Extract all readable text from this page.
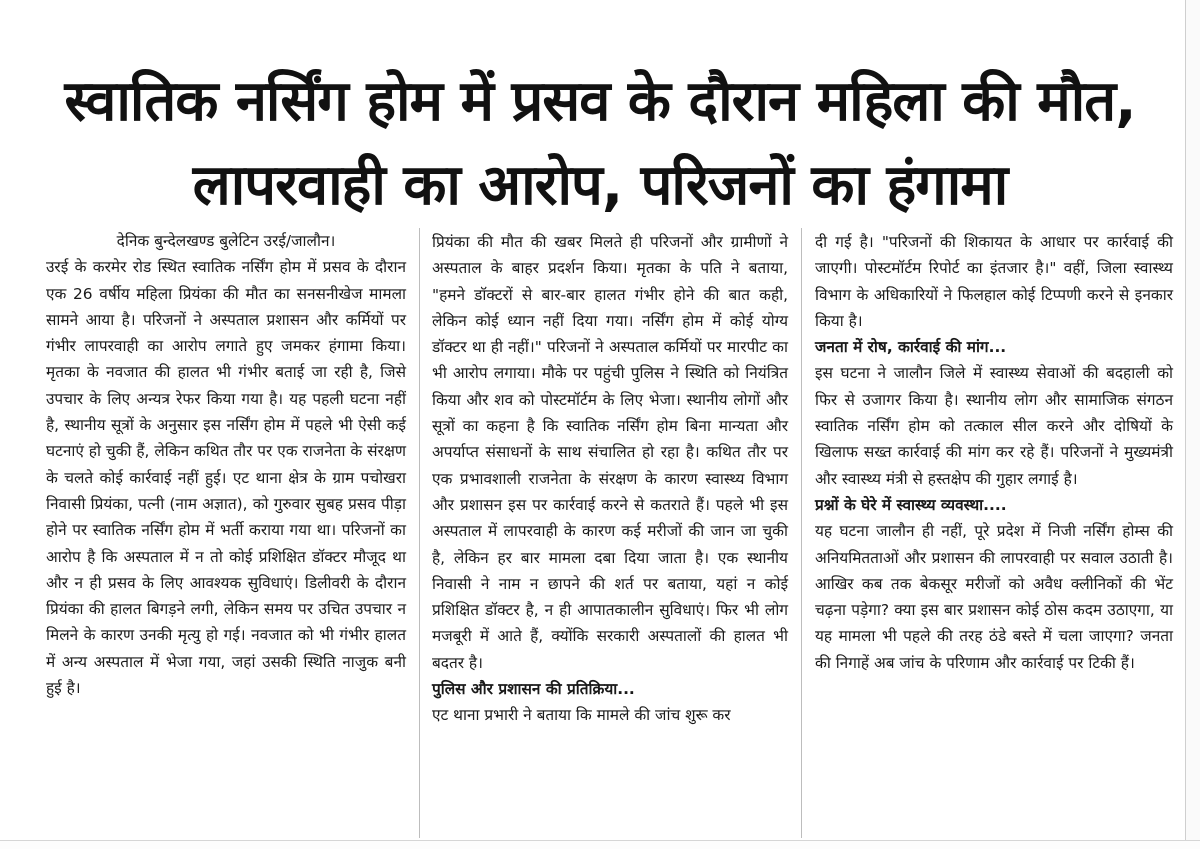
स्वातिक नर्सिंग होम में प्रसव के दौरान महिला की मौत, लापरवाही का आरोप, परिजनों का हंगामा
देनिक बुन्देलखण्ड बुलेटिन उरई/जालौन।

उरई के करमेर रोड स्थित स्वातिक नर्सिंग होम में प्रसव के दौरान एक 26 वर्षीय महिला प्रियंका की मौत का सनसनीखेज मामला सामने आया है। परिजनों ने अस्पताल प्रशासन और कर्मियों पर गंभीर लापरवाही का आरोप लगाते हुए जमकर हंगामा किया। मृतका के नवजात की हालत भी गंभीर बताई जा रही है, जिसे उपचार के लिए अन्यत्र रेफर किया गया है। यह पहली घटना नहीं है, स्थानीय सूत्रों के अनुसार इस नर्सिंग होम में पहले भी ऐसी कई घटनाएं हो चुकी हैं, लेकिन कथित तौर पर एक राजनेता के संरक्षण के चलते कोई कार्रवाई नहीं हुई। एट थाना क्षेत्र के ग्राम पचोखरा निवासी प्रियंका, पत्नी (नाम अज्ञात), को गुरुवार सुबह प्रसव पीड़ा होने पर स्वातिक नर्सिंग होम में भर्ती कराया गया था। परिजनों का आरोप है कि अस्पताल में न तो कोई प्रशिक्षित डॉक्टर मौजूद था और न ही प्रसव के लिए आवश्यक सुविधाएं। डिलीवरी के दौरान प्रियंका की हालत बिगड़ने लगी, लेकिन समय पर उचित उपचार न मिलने के कारण उनकी मृत्यु हो गई। नवजात को भी गंभीर हालत में अन्य अस्पताल में भेजा गया, जहां उसकी स्थिति नाजुक बनी हुई है।

प्रियंका की मौत की खबर मिलते ही परिजनों और ग्रामीणों ने अस्पताल के बाहर प्रदर्शन किया। मृतका के पति ने बताया, "हमने डॉक्टरों से बार-बार हालत गंभीर होने की बात कही, लेकिन कोई ध्यान नहीं दिया गया। नर्सिंग होम में कोई योग्य डॉक्टर था ही नहीं।" परिजनों ने अस्पताल कर्मियों पर मारपीट का भी आरोप लगाया। मौके पर पहुंची पुलिस ने स्थिति को नियंत्रित किया और शव को पोस्टमॉर्टम के लिए भेजा। स्थानीय लोगों और सूत्रों का कहना है कि स्वातिक नर्सिंग होम बिना मान्यता और अपर्याप्त संसाधनों के साथ संचालित हो रहा है। कथित तौर पर एक प्रभावशाली राजनेता के संरक्षण के कारण स्वास्थ्य विभाग और प्रशासन इस पर कार्रवाई करने से कतराते हैं। पहले भी इस अस्पताल में लापरवाही के कारण कई मरीजों की जान जा चुकी है, लेकिन हर बार मामला दबा दिया जाता है। एक स्थानीय निवासी ने नाम न छापने की शर्त पर बताया, यहां न कोई प्रशिक्षित डॉक्टर है, न ही आपातकालीन सुविधाएं। फिर भी लोग मजबूरी में आते हैं, क्योंकि सरकारी अस्पतालों की हालत भी बदतर है।

पुलिस और प्रशासन की प्रतिक्रिया...

एट थाना प्रभारी ने बताया कि मामले की जांच शुरू कर

दी गई है। "परिजनों की शिकायत के आधार पर कार्रवाई की जाएगी। पोस्टमॉर्टम रिपोर्ट का इंतजार है।" वहीं, जिला स्वास्थ्य विभाग के अधिकारियों ने फिलहाल कोई टिप्पणी करने से इनकार किया है।

जनता में रोष, कार्रवाई की मांग...

इस घटना ने जालौन जिले में स्वास्थ्य सेवाओं की बदहाली को फिर से उजागर किया है। स्थानीय लोग और सामाजिक संगठन स्वातिक नर्सिंग होम को तत्काल सील करने और दोषियों के खिलाफ सख्त कार्रवाई की मांग कर रहे हैं। परिजनों ने मुख्यमंत्री और स्वास्थ्य मंत्री से हस्तक्षेप की गुहार लगाई है।

प्रश्नों के घेरे में स्वास्थ्य व्यवस्था....

यह घटना जालौन ही नहीं, पूरे प्रदेश में निजी नर्सिंग होम्स की अनियमितताओं और प्रशासन की लापरवाही पर सवाल उठाती है। आखिर कब तक बेकसूर मरीजों को अवैध क्लीनिकों की भेंट चढ़ना पड़ेगा? क्या इस बार प्रशासन कोई ठोस कदम उठाएगा, या यह मामला भी पहले की तरह ठंडे बस्ते में चला जाएगा? जनता की निगाहें अब जांच के परिणाम और कार्रवाई पर टिकी हैं।
